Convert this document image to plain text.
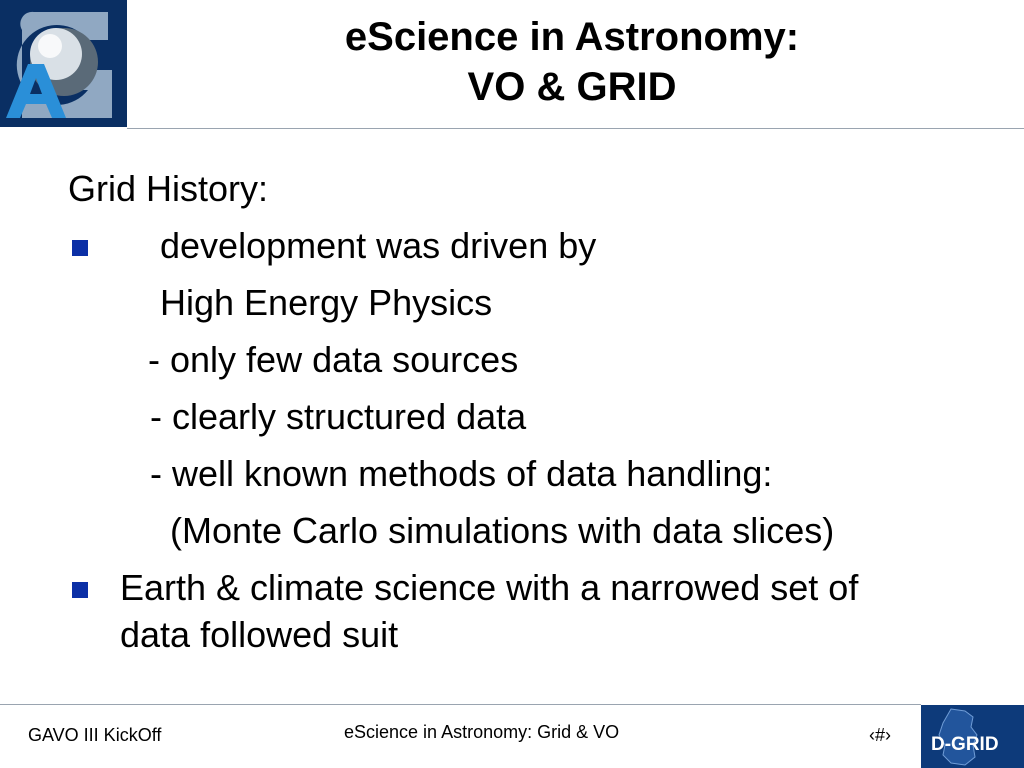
eScience in Astronomy:
VO & GRID
Grid History:
development was driven by
High Energy Physics
- only few data sources
- clearly structured data
- well known methods of data handling:
(Monte Carlo simulations with data slices)
Earth & climate science with a narrowed set of
data followed suit
GAVO III KickOff	eScience in Astronomy: Grid & VO	‹#› D-GRID
